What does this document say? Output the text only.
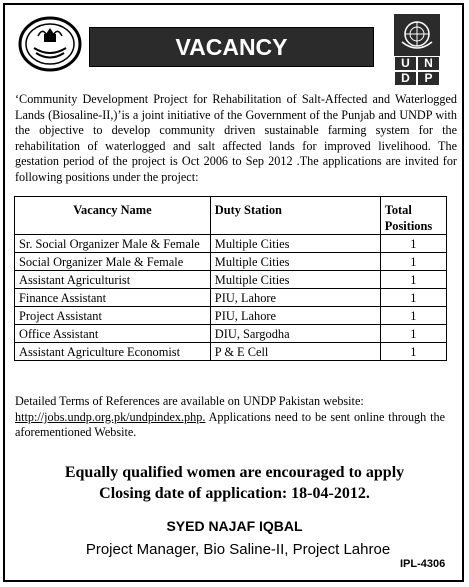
VACANCY ANNOUNCEMENT
U	N
D	P
‘Community Development Project for Rehabilitation of Salt-Affected and Waterlogged Lands (Biosaline-II,)’is a joint initiative of the Government of the Punjab and UNDP with the objective to develop community driven sustainable farming system for the rehabilitation of waterlogged and salt affected lands for improved livelihood. The gestation period of the project is Oct 2006 to Sep 2012 .The applications are invited for following positions under the project:
Vacancy Name	Duty Station	Total Positions
Sr. Social Organizer Male & Female	Multiple Cities	1
Social Organizer Male & Female	Multiple Cities	1
Assistant Agriculturist	Multiple Cities	1
Finance Assistant	PIU, Lahore	1
Project Assistant	PIU, Lahore	1
Office Assistant	DIU, Sargodha	1
Assistant Agriculture Economist	P & E Cell	1
Detailed Terms of References are available on UNDP Pakistan website:
http://jobs.undp.org.pk/undpindex.php. Applications need to be sent online through the aforementioned Website.
Equally qualified women are encouraged to apply
Closing date of application: 18-04-2012.
SYED NAJAF IQBAL
Project Manager, Bio Saline-II, Project Lahroe
IPL-4306
